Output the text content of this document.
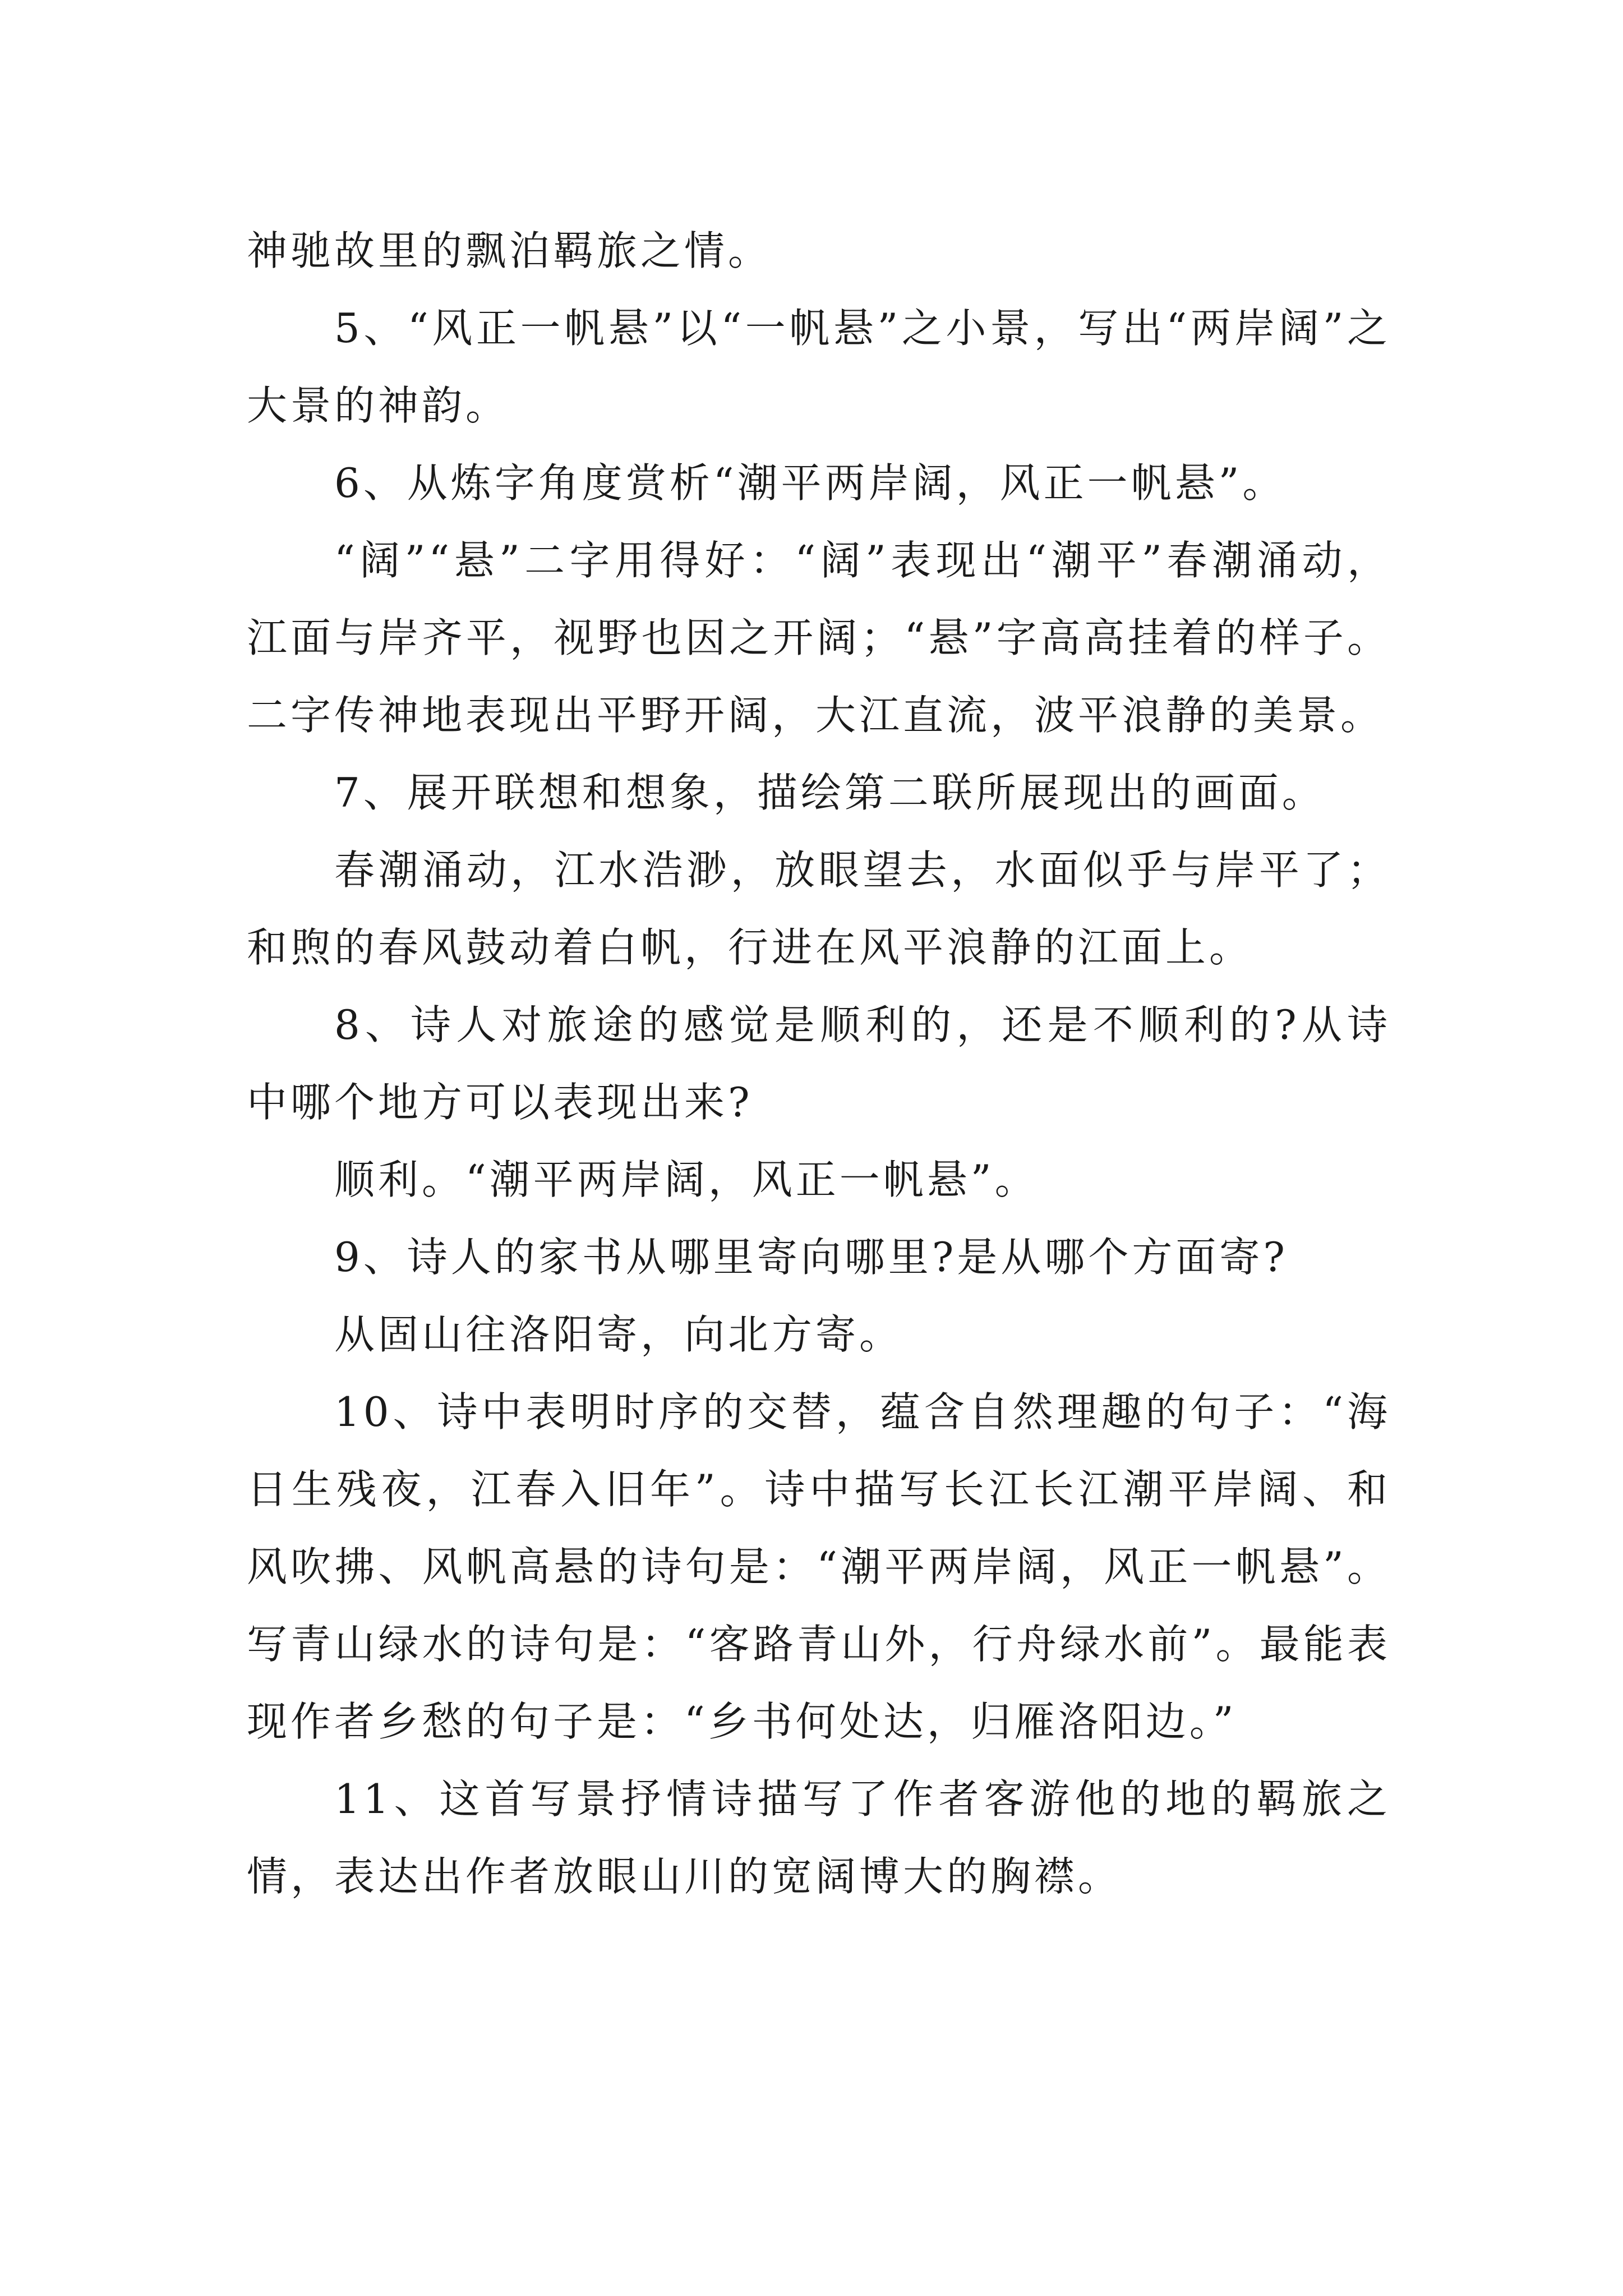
神驰故里的飘泊羁旅之情。

5、“风正一帆悬”以“一帆悬”之小景，写出“两岸阔”之大景的神韵。

6、从炼字角度赏析“潮平两岸阔，风正一帆悬”。

“阔”“悬”二字用得好：“阔”表现出“潮平”春潮涌动，江面与岸齐平，视野也因之开阔；“悬”字高高挂着的样子。二字传神地表现出平野开阔，大江直流，波平浪静的美景。

7、展开联想和想象，描绘第二联所展现出的画面。

春潮涌动，江水浩渺，放眼望去，水面似乎与岸平了；和煦的春风鼓动着白帆，行进在风平浪静的江面上。

8、诗人对旅途的感觉是顺利的，还是不顺利的?从诗中哪个地方可以表现出来?

顺利。“潮平两岸阔，风正一帆悬”。

9、诗人的家书从哪里寄向哪里?是从哪个方面寄?

从固山往洛阳寄，向北方寄。

10、诗中表明时序的交替，蕴含自然理趣的句子：“海日生残夜，江春入旧年”。诗中描写长江长江潮平岸阔、和风吹拂、风帆高悬的诗句是：“潮平两岸阔，风正一帆悬”。写青山绿水的诗句是：“客路青山外，行舟绿水前”。最能表现作者乡愁的句子是：“乡书何处达，归雁洛阳边。”

11、这首写景抒情诗描写了作者客游他的地的羁旅之情，表达出作者放眼山川的宽阔博大的胸襟。
